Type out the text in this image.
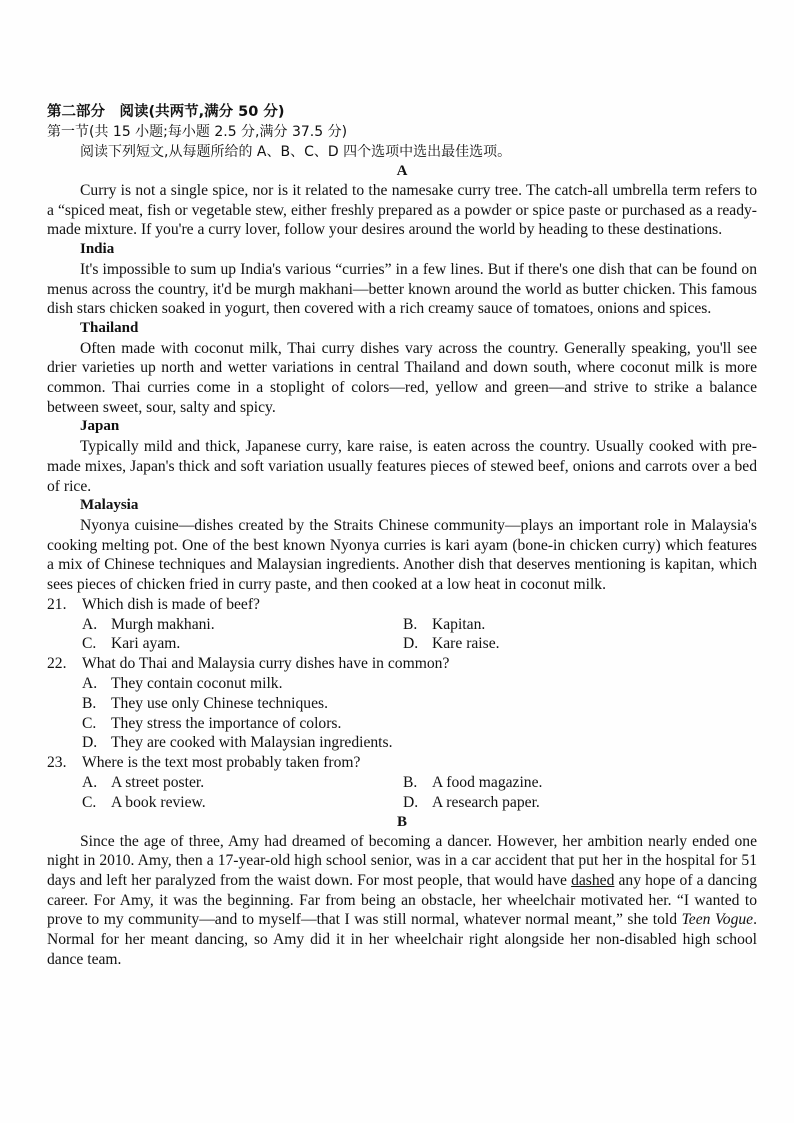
第二部分　阅读(共两节,满分 50 分)

第一节(共 15 小题;每小题 2.5 分,满分 37.5 分)

阅读下列短文,从每题所给的 A、B、C、D 四个选项中选出最佳选项。

A

Curry is not a single spice, nor is it related to the namesake curry tree. The catch-all umbrella term refers to a “spiced meat, fish or vegetable stew, either freshly prepared as a powder or spice paste or purchased as a ready-made mixture. If you're a curry lover, follow your desires around the world by heading to these destinations.

India

It's impossible to sum up India's various “curries” in a few lines. But if there's one dish that can be found on menus across the country, it'd be murgh makhani—better known around the world as butter chicken. This famous dish stars chicken soaked in yogurt, then covered with a rich creamy sauce of tomatoes, onions and spices.

Thailand

Often made with coconut milk, Thai curry dishes vary across the country. Generally speaking, you'll see drier varieties up north and wetter variations in central Thailand and down south, where coconut milk is more common. Thai curries come in a stoplight of colors—red, yellow and green—and strive to strike a balance between sweet, sour, salty and spicy.

Japan

Typically mild and thick, Japanese curry, kare raise, is eaten across the country. Usually cooked with pre-made mixes, Japan's thick and soft variation usually features pieces of stewed beef, onions and carrots over a bed of rice.

Malaysia

Nyonya cuisine—dishes created by the Straits Chinese community—plays an important role in Malaysia's cooking melting pot. One of the best known Nyonya curries is kari ayam (bone-in chicken curry) which features a mix of Chinese techniques and Malaysian ingredients. Another dish that deserves mentioning is kapitan, which sees pieces of chicken fried in curry paste, and then cooked at a low heat in coconut milk.

21. Which dish is made of beef?
A. Murgh makhani.	B. Kapitan.
C. Kari ayam.	D. Kare raise.
22. What do Thai and Malaysia curry dishes have in common?
A. They contain coconut milk.
B. They use only Chinese techniques.
C. They stress the importance of colors.
D. They are cooked with Malaysian ingredients.
23. Where is the text most probably taken from?
A. A street poster.	B. A food magazine.
C. A book review.	D. A research paper.

B

Since the age of three, Amy had dreamed of becoming a dancer. However, her ambition nearly ended one night in 2010. Amy, then a 17-year-old high school senior, was in a car accident that put her in the hospital for 51 days and left her paralyzed from the waist down. For most people, that would have dashed any hope of a dancing career. For Amy, it was the beginning. Far from being an obstacle, her wheelchair motivated her. “I wanted to prove to my community—and to myself—that I was still normal, whatever normal meant,” she told Teen Vogue. Normal for her meant dancing, so Amy did it in her wheelchair right alongside her non-disabled high school dance team.
